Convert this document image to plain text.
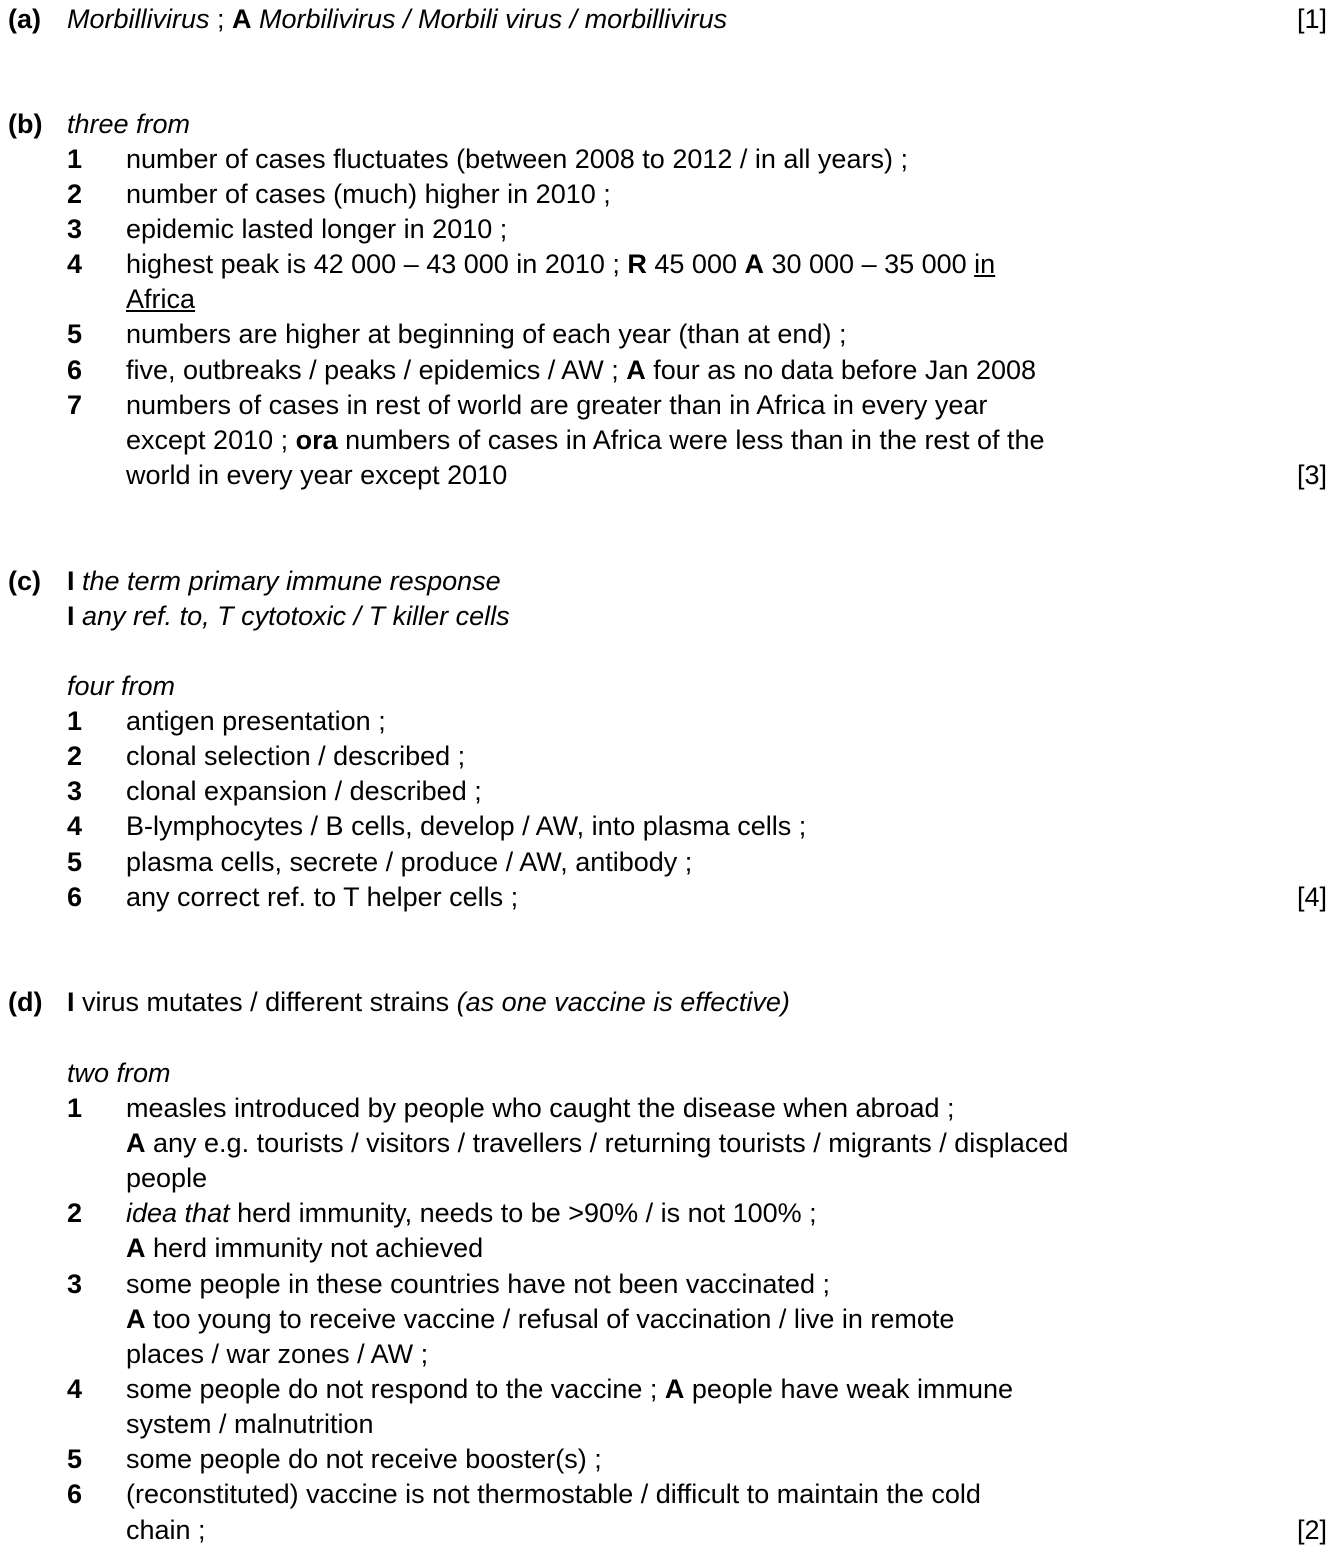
(a) Morbillivirus ; A Morbilivirus / Morbili virus / morbillivirus	[1]
(b) three from
1 number of cases fluctuates (between 2008 to 2012 / in all years) ;
2 number of cases (much) higher in 2010 ;
3 epidemic lasted longer in 2010 ;
4 highest peak is 42 000 – 43 000 in 2010 ; R 45 000 A 30 000 – 35 000 in
Africa
5 numbers are higher at beginning of each year (than at end) ;
6 five, outbreaks / peaks / epidemics / AW ; A four as no data before Jan 2008
7 numbers of cases in rest of world are greater than in Africa in every year
except 2010 ; ora numbers of cases in Africa were less than in the rest of the
world in every year except 2010	[3]
(c) I the term primary immune response
I any ref. to, T cytotoxic / T killer cells
four from
1 antigen presentation ;
2 clonal selection / described ;
3 clonal expansion / described ;
4 B-lymphocytes / B cells, develop / AW, into plasma cells ;
5 plasma cells, secrete / produce / AW, antibody ;
6 any correct ref. to T helper cells ;	[4]
(d) I virus mutates / different strains (as one vaccine is effective)
two from
1 measles introduced by people who caught the disease when abroad ;
A any e.g. tourists / visitors / travellers / returning tourists / migrants / displaced
people
2 idea that herd immunity, needs to be >90% / is not 100% ;
A herd immunity not achieved
3 some people in these countries have not been vaccinated ;
A too young to receive vaccine / refusal of vaccination / live in remote
places / war zones / AW ;
4 some people do not respond to the vaccine ; A people have weak immune
system / malnutrition
5 some people do not receive booster(s) ;
6 (reconstituted) vaccine is not thermostable / difficult to maintain the cold
chain ;	[2]
